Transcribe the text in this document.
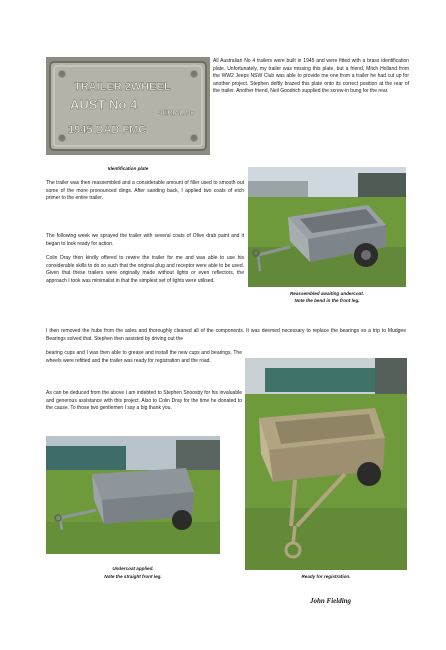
TRAILER 2WHEEL
AUST No 4
SERIAL No
1945 DAD FMC

All Australian No 4 trailers were built in 1945 and were fitted with a brass identification plate. Unfortunately, my trailer was missing this plate, but a friend, Mitch Holland from the WW2 Jeeps NSW Club was able to provide me one from a trailer he had cut up for another project. Stephen deftly brazed this plate onto its correct position at the rear of the trailer. Another friend, Neil Goodrich supplied the screw-in bung for the rear.

Identification plate

The trailer was then reassembled and a considerable amount of filler used to smooth out some of the more pronounced dings. After sanding back, I applied two coats of etch primer to the entire trailer.

The following week we sprayed the trailer with several coats of Olive drab paint and it began to look ready for action.

Colin Dray then kindly offered to rewire the trailer for me and was able to use his considerable skills to do so such that the original plug and receptor were able to be used. Given that these trailers were originally made without lights or even reflectors, the approach I took was minimalist in that the simplest set of lights were utilised.

Reassembled awaiting undercoat.

Note the bend in the front leg.

I then removed the hubs from the axles and thoroughly cleaned all of the components. It was deemed necessary to replace the bearings so a trip to Mudgee Bearings solved that. Stephen then assisted by driving out the

bearing cups and I was then able to grease and install the new cups and bearings. The wheels were refitted and the trailer was ready for registration and the road.

As can be deduced from the above I am indebted to Stephen Snoosby for his invaluable and generous assistance with this project. Also to Colin Dray for the time he donated to the cause. To those two gentlemen I say a big thank you.

Undercoat applied.

Note the straight front leg.	Ready for registration.

John Fielding
